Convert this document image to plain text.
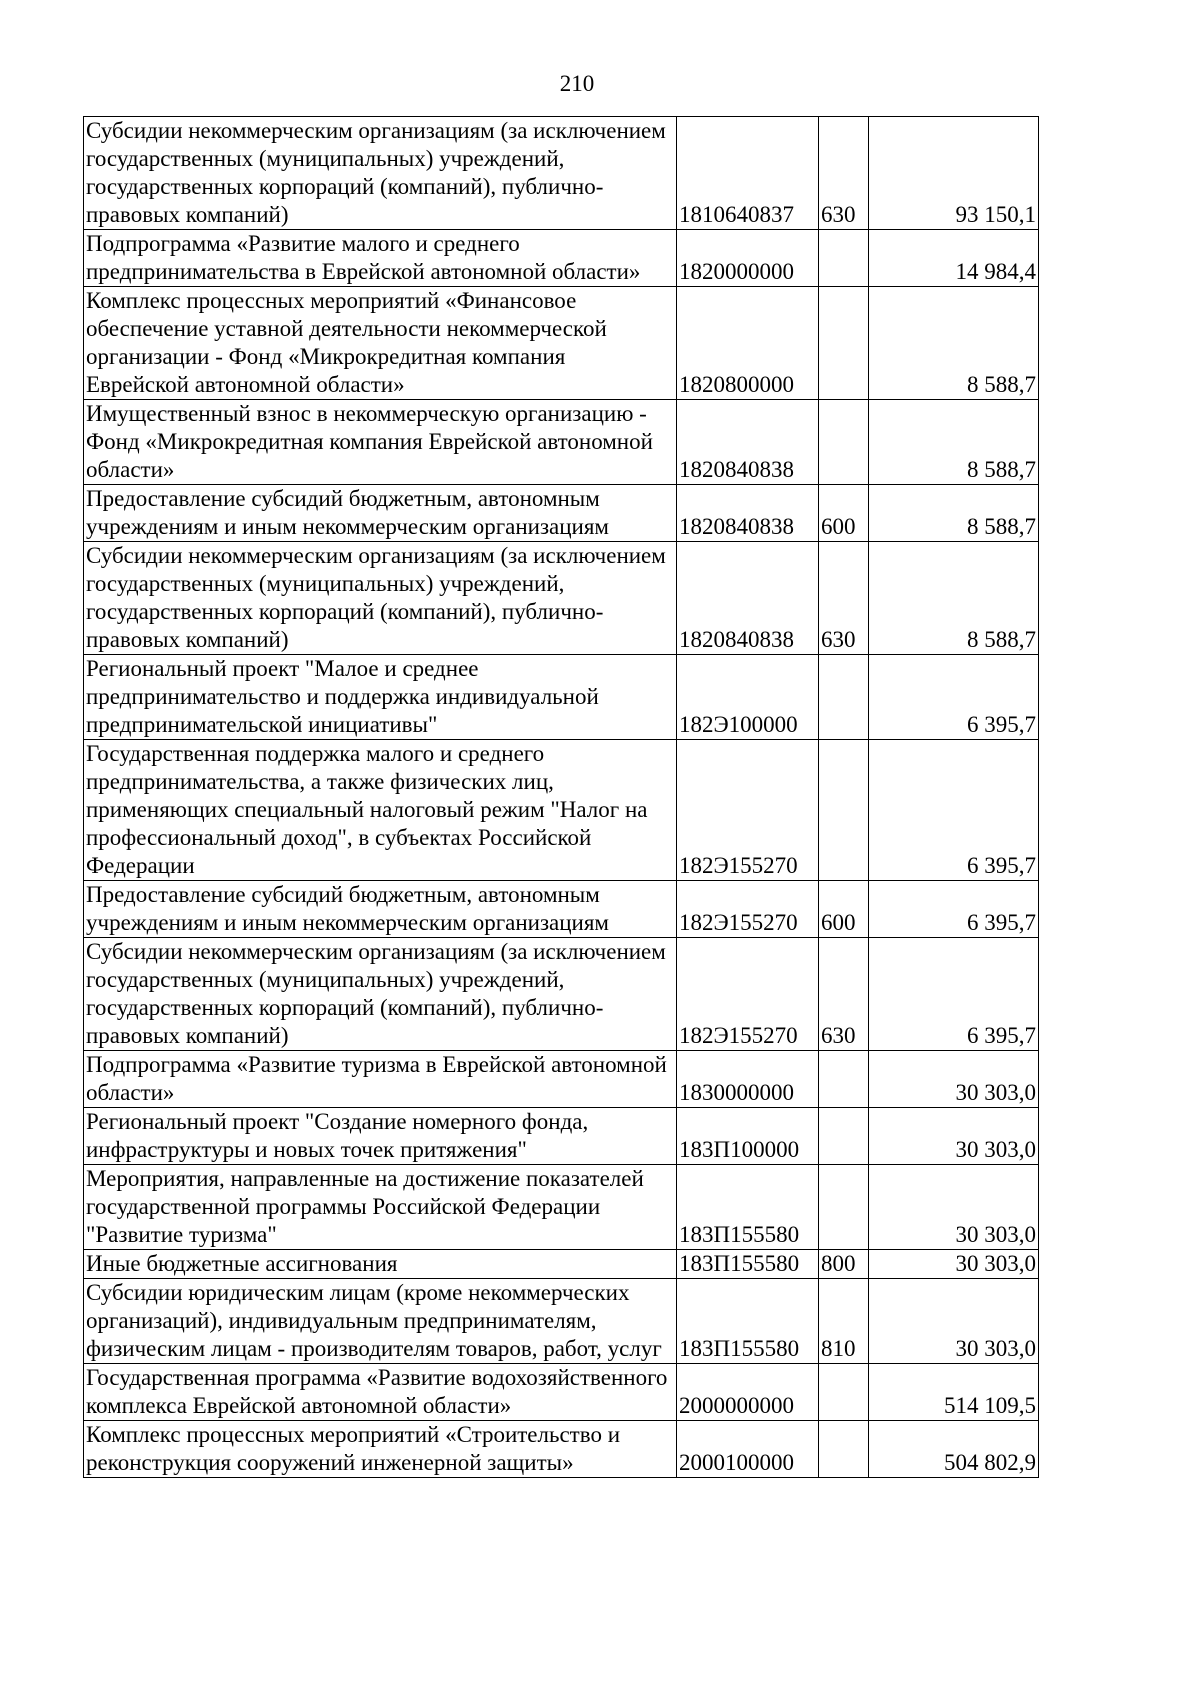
210
Субсидии некоммерческим организациям (за исключением государственных (муниципальных) учреждений, государственных корпораций (компаний), публично-правовых компаний)	1810640837	630	93 150,1
Подпрограмма «Развитие малого и среднего предпринимательства в Еврейской автономной области»	1820000000		14 984,4
Комплекс процессных мероприятий «Финансовое обеспечение уставной деятельности некоммерческой организации - Фонд «Микрокредитная компания Еврейской автономной области»	1820800000		8 588,7
Имущественный взнос в некоммерческую организацию - Фонд «Микрокредитная компания Еврейской автономной области»	1820840838		8 588,7
Предоставление субсидий бюджетным, автономным учреждениям и иным некоммерческим организациям	1820840838	600	8 588,7
Субсидии некоммерческим организациям (за исключением государственных (муниципальных) учреждений, государственных корпораций (компаний), публично-правовых компаний)	1820840838	630	8 588,7
Региональный проект "Малое и среднее предпринимательство и поддержка индивидуальной предпринимательской инициативы"	182Э100000		6 395,7
Государственная поддержка малого и среднего предпринимательства, а также физических лиц, применяющих специальный налоговый режим "Налог на профессиональный доход", в субъектах Российской Федерации	182Э155270		6 395,7
Предоставление субсидий бюджетным, автономным учреждениям и иным некоммерческим организациям	182Э155270	600	6 395,7
Субсидии некоммерческим организациям (за исключением государственных (муниципальных) учреждений, государственных корпораций (компаний), публично-правовых компаний)	182Э155270	630	6 395,7
Подпрограмма «Развитие туризма в Еврейской автономной области»	1830000000		30 303,0
Региональный проект "Создание номерного фонда, инфраструктуры и новых точек притяжения"	183П100000		30 303,0
Мероприятия, направленные на достижение показателей государственной программы Российской Федерации "Развитие туризма"	183П155580		30 303,0
Иные бюджетные ассигнования	183П155580	800	30 303,0
Субсидии юридическим лицам (кроме некоммерческих организаций), индивидуальным предпринимателям, физическим лицам - производителям товаров, работ, услуг	183П155580	810	30 303,0
Государственная программа «Развитие водохозяйственного комплекса Еврейской автономной области»	2000000000		514 109,5
Комплекс процессных мероприятий «Строительство и реконструкция сооружений инженерной защиты»	2000100000		504 802,9
